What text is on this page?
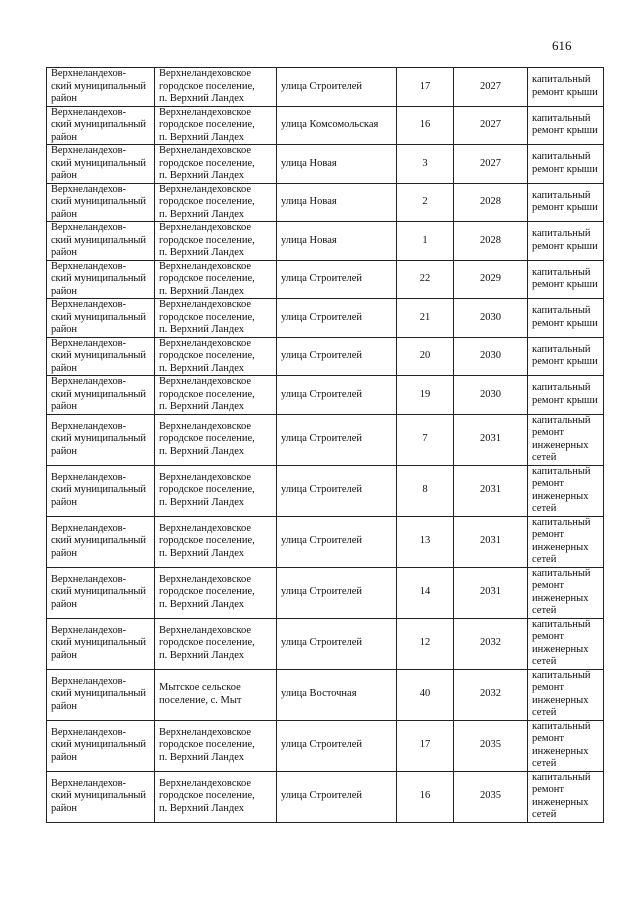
616
Верхнеландехов-
ский муниципальный
район	Верхнеландеховское
городское поселение,
п. Верхний Ландех	улица Строителей	17	2027	капитальный
ремонт крыши

Верхнеландехов-
ский муниципальный
район	Верхнеландеховское
городское поселение,
п. Верхний Ландех	улица Комсомольская	16	2027	капитальный
ремонт крыши

Верхнеландехов-
ский муниципальный
район	Верхнеландеховское
городское поселение,
п. Верхний Ландех	улица Новая	3	2027	капитальный
ремонт крыши

Верхнеландехов-
ский муниципальный
район	Верхнеландеховское
городское поселение,
п. Верхний Ландех	улица Новая	2	2028	капитальный
ремонт крыши

Верхнеландехов-
ский муниципальный
район	Верхнеландеховское
городское поселение,
п. Верхний Ландех	улица Новая	1	2028	капитальный
ремонт крыши

Верхнеландехов-
ский муниципальный
район	Верхнеландеховское
городское поселение,
п. Верхний Ландех	улица Строителей	22	2029	капитальный
ремонт крыши

Верхнеландехов-
ский муниципальный
район	Верхнеландеховское
городское поселение,
п. Верхний Ландех	улица Строителей	21	2030	капитальный
ремонт крыши

Верхнеландехов-
ский муниципальный
район	Верхнеландеховское
городское поселение,
п. Верхний Ландех	улица Строителей	20	2030	капитальный
ремонт крыши

Верхнеландехов-
ский муниципальный
район	Верхнеландеховское
городское поселение,
п. Верхний Ландех	улица Строителей	19	2030	капитальный
ремонт крыши

Верхнеландехов-
ский муниципальный
район	Верхнеландеховское
городское поселение,
п. Верхний Ландех	улица Строителей	7	2031	капитальный
ремонт
инженерных
сетей

Верхнеландехов-
ский муниципальный
район	Верхнеландеховское
городское поселение,
п. Верхний Ландех	улица Строителей	8	2031	капитальный
ремонт
инженерных
сетей

Верхнеландехов-
ский муниципальный
район	Верхнеландеховское
городское поселение,
п. Верхний Ландех	улица Строителей	13	2031	капитальный
ремонт
инженерных
сетей

Верхнеландехов-
ский муниципальный
район	Верхнеландеховское
городское поселение,
п. Верхний Ландех	улица Строителей	14	2031	капитальный
ремонт
инженерных
сетей

Верхнеландехов-
ский муниципальный
район	Верхнеландеховское
городское поселение,
п. Верхний Ландех	улица Строителей	12	2032	капитальный
ремонт
инженерных
сетей

Верхнеландехов-
ский муниципальный
район	Мытское сельское
поселение, с. Мыт	улица Восточная	40	2032	капитальный
ремонт
инженерных
сетей

Верхнеландехов-
ский муниципальный
район	Верхнеландеховское
городское поселение,
п. Верхний Ландех	улица Строителей	17	2035	капитальный
ремонт
инженерных
сетей

Верхнеландехов-
ский муниципальный
район	Верхнеландеховское
городское поселение,
п. Верхний Ландех	улица Строителей	16	2035	капитальный
ремонт
инженерных
сетей
